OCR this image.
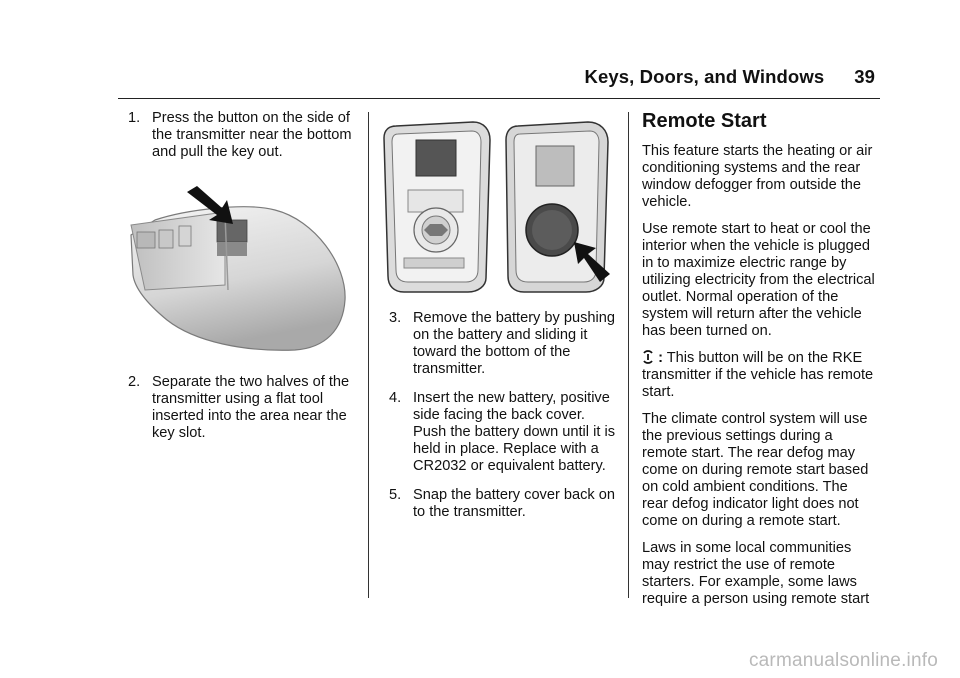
Keys, Doors, and Windows 39
1. Press the button on the side of the transmitter near the bottom and pull the key out.
2. Separate the two halves of the transmitter using a flat tool inserted into the area near the key slot.
3. Remove the battery by pushing on the battery and sliding it toward the bottom of the transmitter.
4. Insert the new battery, positive side facing the back cover. Push the battery down until it is held in place. Replace with a CR2032 or equivalent battery.
5. Snap the battery cover back on to the transmitter.
Remote Start

This feature starts the heating or air conditioning systems and the rear window defogger from outside the vehicle.

Use remote start to heat or cool the interior when the vehicle is plugged in to maximize electric range by utilizing electricity from the electrical outlet. Normal operation of the system will return after the vehicle has been turned on.

: This button will be on the RKE transmitter if the vehicle has remote start.

The climate control system will use the previous settings during a remote start. The rear defog may come on during remote start based on cold ambient conditions. The rear defog indicator light does not come on during a remote start.

Laws in some local communities may restrict the use of remote starters. For example, some laws require a person using remote start

carmanualsonline.info
